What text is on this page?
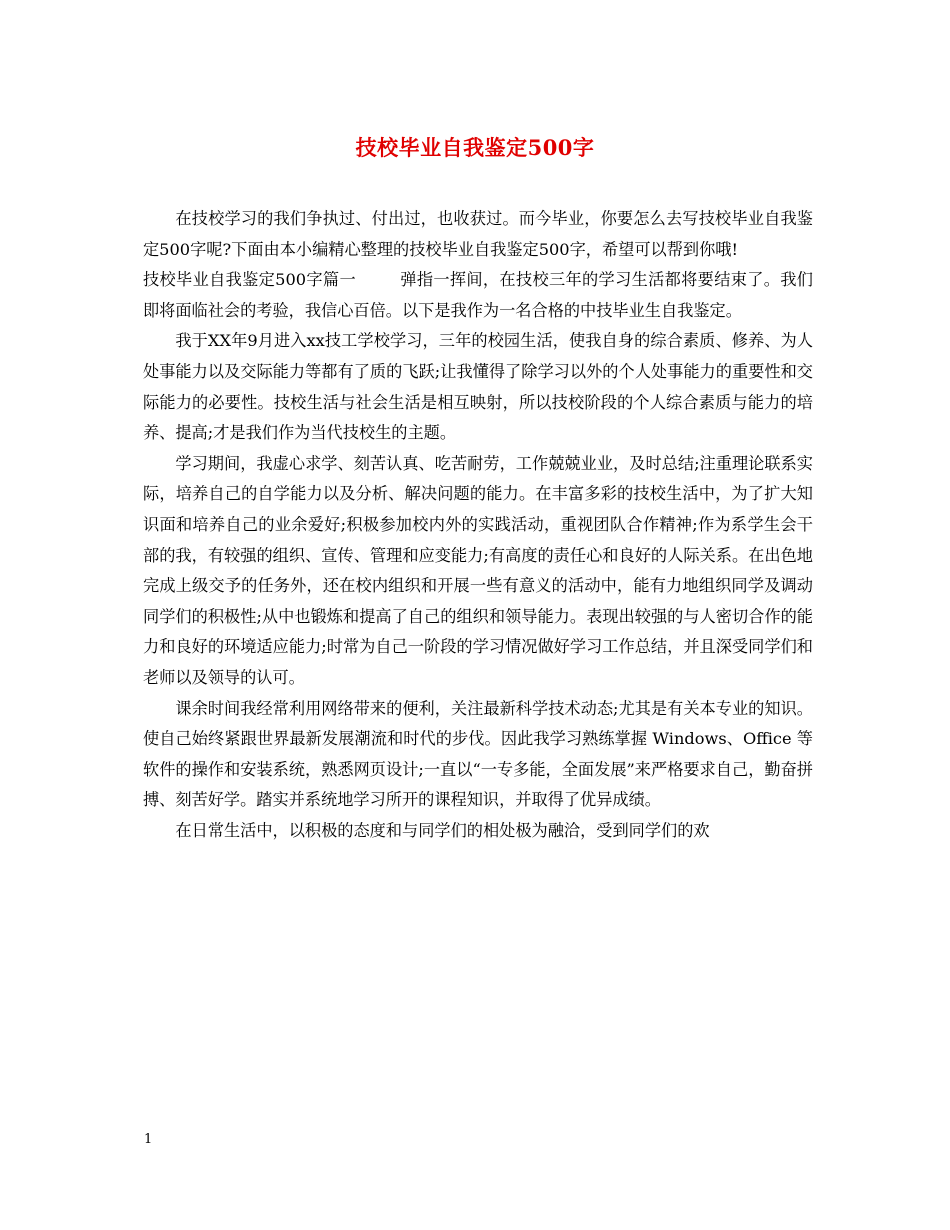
技校毕业自我鉴定500字

在技校学习的我们争执过、付出过，也收获过。而今毕业，你要怎么去写技校毕业自我鉴定500字呢?下面由本小编精心整理的技校毕业自我鉴定500字，希望可以帮到你哦!

技校毕业自我鉴定500字篇一	弹指一挥间，在技校三年的学习生活都将要结束了。我们即将面临社会的考验，我信心百倍。以下是我作为一名合格的中技毕业生自我鉴定。

我于XX年9月进入xx技工学校学习，三年的校园生活，使我自身的综合素质、修养、为人处事能力以及交际能力等都有了质的飞跃;让我懂得了除学习以外的个人处事能力的重要性和交际能力的必要性。技校生活与社会生活是相互映射，所以技校阶段的个人综合素质与能力的培养、提高;才是我们作为当代技校生的主题。

学习期间，我虚心求学、刻苦认真、吃苦耐劳，工作兢兢业业，及时总结;注重理论联系实际，培养自己的自学能力以及分析、解决问题的能力。在丰富多彩的技校生活中，为了扩大知识面和培养自己的业余爱好;积极参加校内外的实践活动，重视团队合作精神;作为系学生会干部的我，有较强的组织、宣传、管理和应变能力;有高度的责任心和良好的人际关系。在出色地完成上级交予的任务外，还在校内组织和开展一些有意义的活动中，能有力地组织同学及调动同学们的积极性;从中也锻炼和提高了自己的组织和领导能力。表现出较强的与人密切合作的能力和良好的环境适应能力;时常为自己一阶段的学习情况做好学习工作总结，并且深受同学们和老师以及领导的认可。

课余时间我经常利用网络带来的便利，关注最新科学技术动态;尤其是有关本专业的知识。使自己始终紧跟世界最新发展潮流和时代的步伐。因此我学习熟练掌握 Windows、Office 等软件的操作和安装系统，熟悉网页设计;一直以“一专多能，全面发展”来严格要求自己，勤奋拼搏、刻苦好学。踏实并系统地学习所开的课程知识，并取得了优异成绩。

在日常生活中，以积极的态度和与同学们的相处极为融洽，受到同学们的欢

1
